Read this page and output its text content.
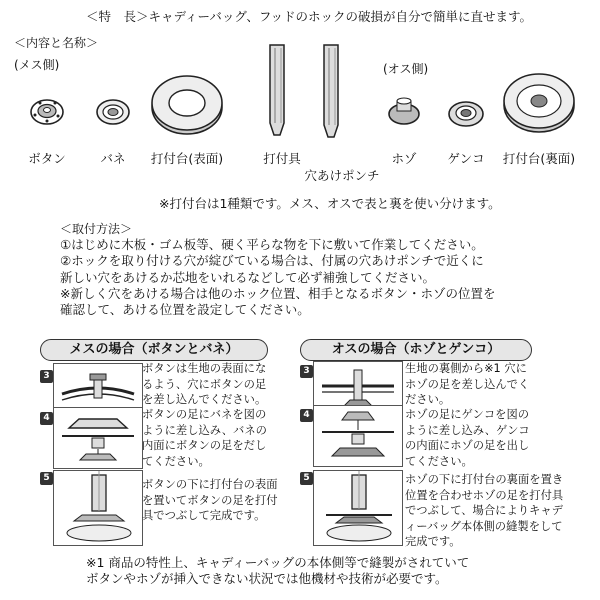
＜特　長＞キャディーバッグ、フッドのホックの破損が自分で簡単に直せます。
＜内容と名称＞
(メス側)	(オス側)
ボタン	バネ	打付台(表面)	打付具
穴あけポンチ
ホゾ	ゲンコ	打付台(裏面)
※打付台は1種類です。メス、オスで表と裏を使い分けます。
＜取付方法＞
①はじめに木板・ゴム板等、硬く平らな物を下に敷いて作業してください。
②ホックを取り付ける穴が綻びている場合は、付属の穴あけポンチで近くに
新しい穴をあけるか芯地をいれるなどして必ず補強してください。
※新しく穴をあける場合は他のホック位置、相手となるボタン・ホゾの位置を
確認して、あける位置を設定してください。
メスの場合（ボタンとバネ）	オスの場合（ホゾとゲンコ）
3
ボタンは生地の表面にな
るよう、穴にボタンの足
を差し込んでください。
4	ボタンの足にバネを図の
ように差し込み、バネの
内面にボタンの足をだし
てください。
5	ボタンの下に打付台の表面
を置いてボタンの足を打付
具でつぶして完成です。
3	生地の裏側から※1 穴に
ホゾの足を差し込んでく
ださい。
4	ホゾの足にゲンコを図の
ように差し込み、ゲンコ
の内面にホゾの足を出し
てください。
5	ホゾの下に打付台の裏面を置き
位置を合わせホゾの足を打付具
でつぶして、場合によりキャデ
ィーバッグ本体側の縫製をして
完成です。
※1 商品の特性上、キャディーバッグの本体側等で縫製がされていて
ボタンやホゾが挿入できない状況では他機材や技術が必要です。
